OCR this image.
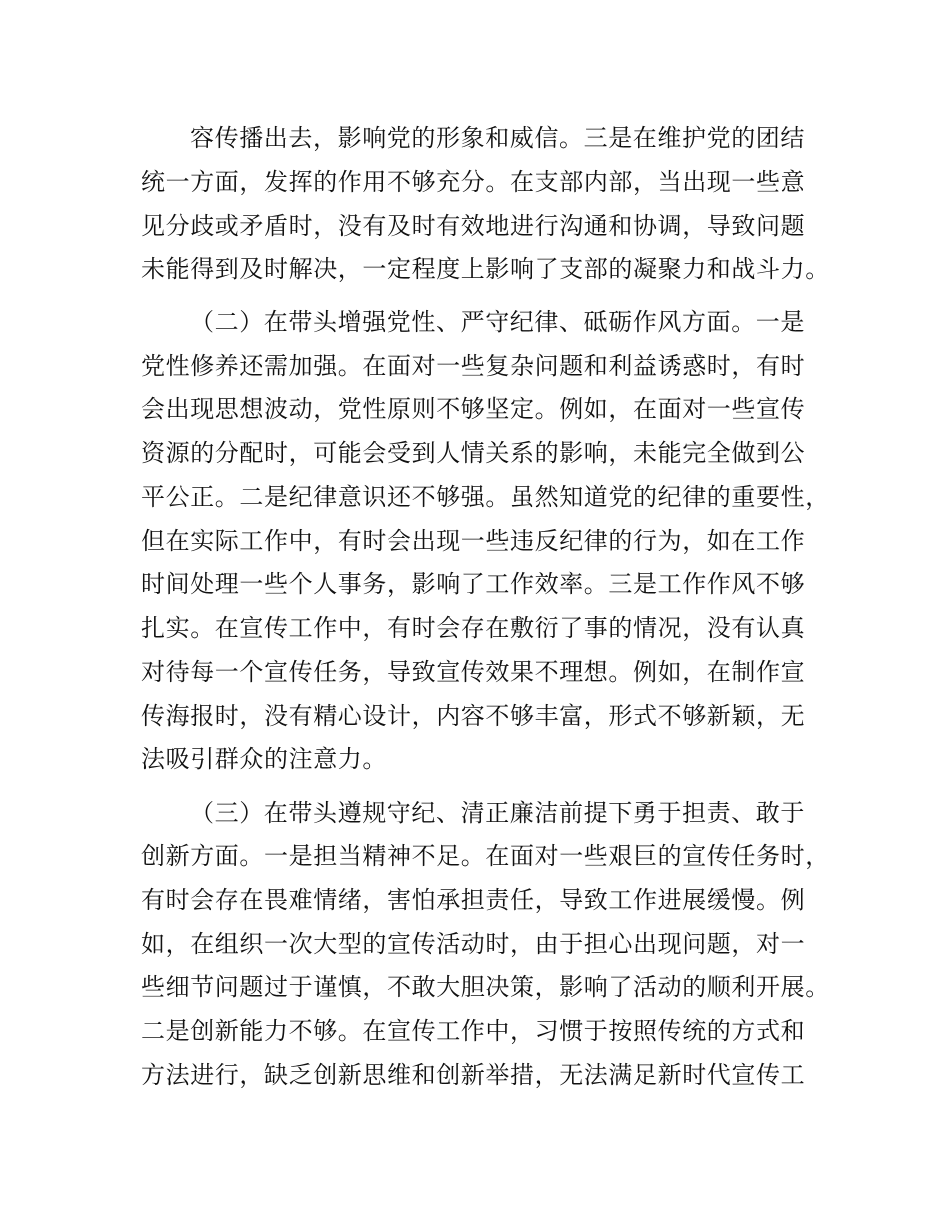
容传播出去，影响党的形象和威信。三是在维护党的团结
统一方面，发挥的作用不够充分。在支部内部，当出现一些意
见分歧或矛盾时，没有及时有效地进行沟通和协调，导致问题
未能得到及时解决，一定程度上影响了支部的凝聚力和战斗力。
（二）在带头增强党性、严守纪律、砥砺作风方面。一是
党性修养还需加强。在面对一些复杂问题和利益诱惑时，有时
会出现思想波动，党性原则不够坚定。例如，在面对一些宣传
资源的分配时，可能会受到人情关系的影响，未能完全做到公
平公正。二是纪律意识还不够强。虽然知道党的纪律的重要性，
但在实际工作中，有时会出现一些违反纪律的行为，如在工作
时间处理一些个人事务，影响了工作效率。三是工作作风不够
扎实。在宣传工作中，有时会存在敷衍了事的情况，没有认真
对待每一个宣传任务，导致宣传效果不理想。例如，在制作宣
传海报时，没有精心设计，内容不够丰富，形式不够新颖，无
法吸引群众的注意力。
（三）在带头遵规守纪、清正廉洁前提下勇于担责、敢于
创新方面。一是担当精神不足。在面对一些艰巨的宣传任务时，
有时会存在畏难情绪，害怕承担责任，导致工作进展缓慢。例
如，在组织一次大型的宣传活动时，由于担心出现问题，对一
些细节问题过于谨慎，不敢大胆决策，影响了活动的顺利开展。
二是创新能力不够。在宣传工作中，习惯于按照传统的方式和
方法进行，缺乏创新思维和创新举措，无法满足新时代宣传工
